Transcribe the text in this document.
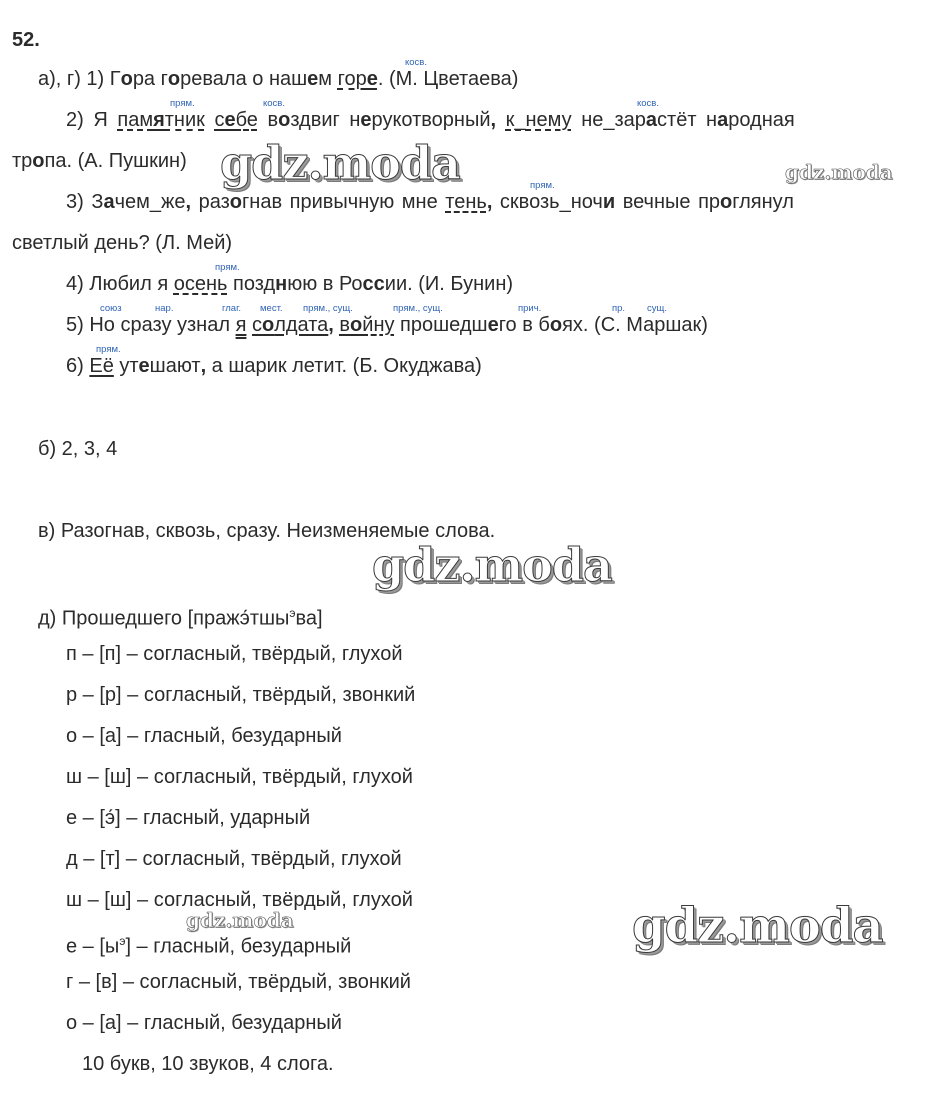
52.
косв.
а), г) 1) Гора горевала о нашем горе. (М. Цветаева)
прям.	косв.	косв.
2) Я памятник себе воздвиг нерукотворный, к_нему не_зарастёт народная
тропа. (А. Пушкин)
прям.
3) Зачем_же, разогнав привычную мне тень, сквозь_ночи вечные проглянул
светлый день? (Л. Мей)
прям.
4) Любил я осень позднюю в России. (И. Бунин)
союз	нар.	глаг. мест. прям., сущ.	прям., сущ.	прич.	пр. сущ.
5) Но сразу узнал я солдата, войну прошедшего в боях. (С. Маршак)
прям.
6) Её утешают, а шарик летит. (Б. Окуджава)
б) 2, 3, 4
в) Разогнав, сквозь, сразу. Неизменяемые слова.
д) Прошедшего [пражэ́тшы$^э$ва]
п – [п] – согласный, твёрдый, глухой
р – [р] – согласный, твёрдый, звонкий
о – [а] – гласный, безударный
ш – [ш] – согласный, твёрдый, глухой
е – [э́] – гласный, ударный
д – [т] – согласный, твёрдый, глухой
ш – [ш] – согласный, твёрдый, глухой
е – $[ы^э]$ – гласный, безударный
г – [в] – согласный, твёрдый, звонкий
о – [а] – гласный, безударный
10 букв, 10 звуков, 4 слога.
gdz.moda	gdz.moda
gdz.moda
gdz.moda	gdz.moda
